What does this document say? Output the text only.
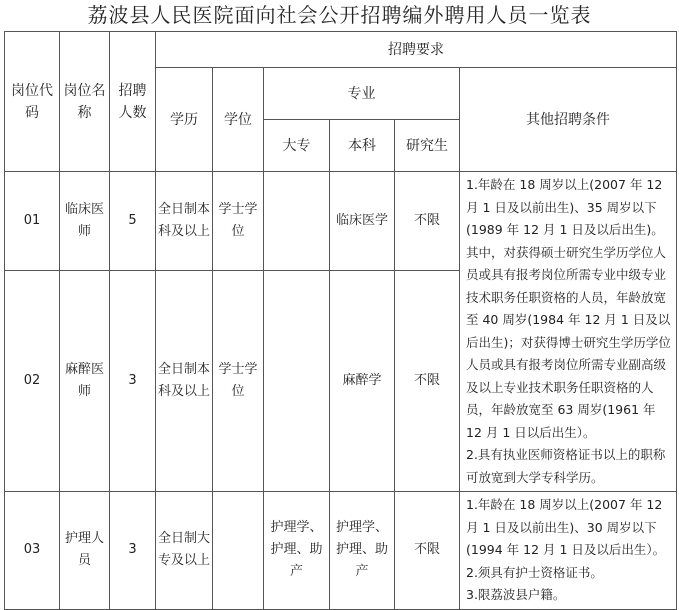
荔波县人民医院面向社会公开招聘编外聘用人员一览表
岗位代码	岗位名称	招聘人数	招聘要求					
			学历	学位	专业			其他招聘条件
					大专	本科	研究生	
01	临床医师	5	全日制本科及以上	学士学位		临床医学	不限	1.年龄在 18 周岁以上(2007 年 12 月 1 日及以前出生)、35 周岁以下(1989 年 12 月 1 日及以后出生)。其中，对获得硕士研究生学历学位人员或具有报考岗位所需专业中级专业技术职务任职资格的人员，年龄放宽至 40 周岁(1984 年 12 月 1 日及以后出生)；对获得博士研究生学历学位人员或具有报考岗位所需专业副高级及以上专业技术职务任职资格的人员，年龄放宽至 63 周岁(1961 年 12 月 1 日以后出生）。
2.具有执业医师资格证书以上的职称可放宽到大学专科学历。

02	麻醉医师	3	全日制本科及以上	学士学位		麻醉学	不限	
03	护理人员	3	全日制大专及以上		护理学、护理、助产	护理学、护理、助产	不限	1.年龄在 18 周岁以上(2007 年 12 月 1 日及以前出生)、30 周岁以下(1994 年 12 月 1 日及以后出生）。
2.须具有护士资格证书。
3.限荔波县户籍。
